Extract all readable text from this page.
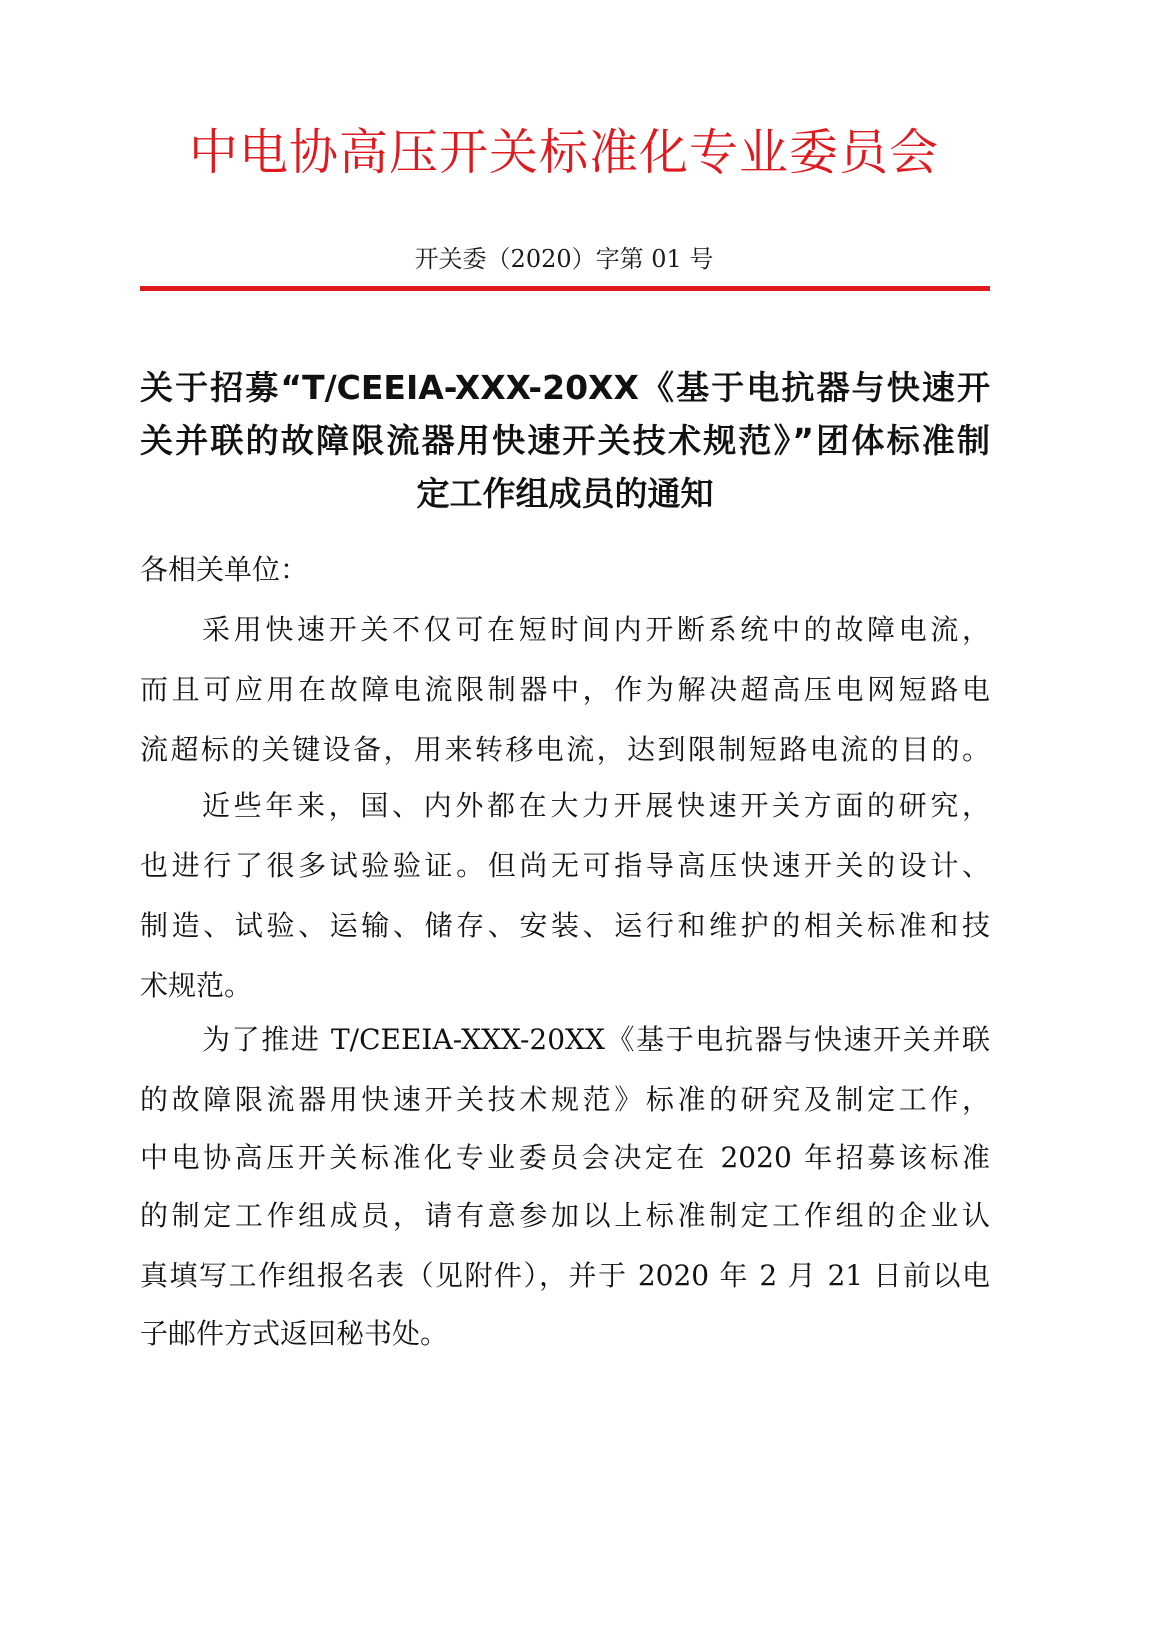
中电协高压开关标准化专业委员会
开关委（2020）字第 01 号
关于招募“T/CEEIA-XXX-20XX《基于电抗器与快速开
关并联的故障限流器用快速开关技术规范》”团体标准制
定工作组成员的通知
各相关单位：
采用快速开关不仅可在短时间内开断系统中的故障电流，
而且可应用在故障电流限制器中，作为解决超高压电网短路电
流超标的关键设备，用来转移电流，达到限制短路电流的目的。
近些年来，国、内外都在大力开展快速开关方面的研究，
也进行了很多试验验证。但尚无可指导高压快速开关的设计、
制造、试验、运输、储存、安装、运行和维护的相关标准和技
术规范。
为了推进 T/CEEIA-XXX-20XX《基于电抗器与快速开关并联
的故障限流器用快速开关技术规范》标准的研究及制定工作，
中电协高压开关标准化专业委员会决定在 2020 年招募该标准
的制定工作组成员，请有意参加以上标准制定工作组的企业认
真填写工作组报名表（见附件），并于 2020 年 2 月 21 日前以电
子邮件方式返回秘书处。
